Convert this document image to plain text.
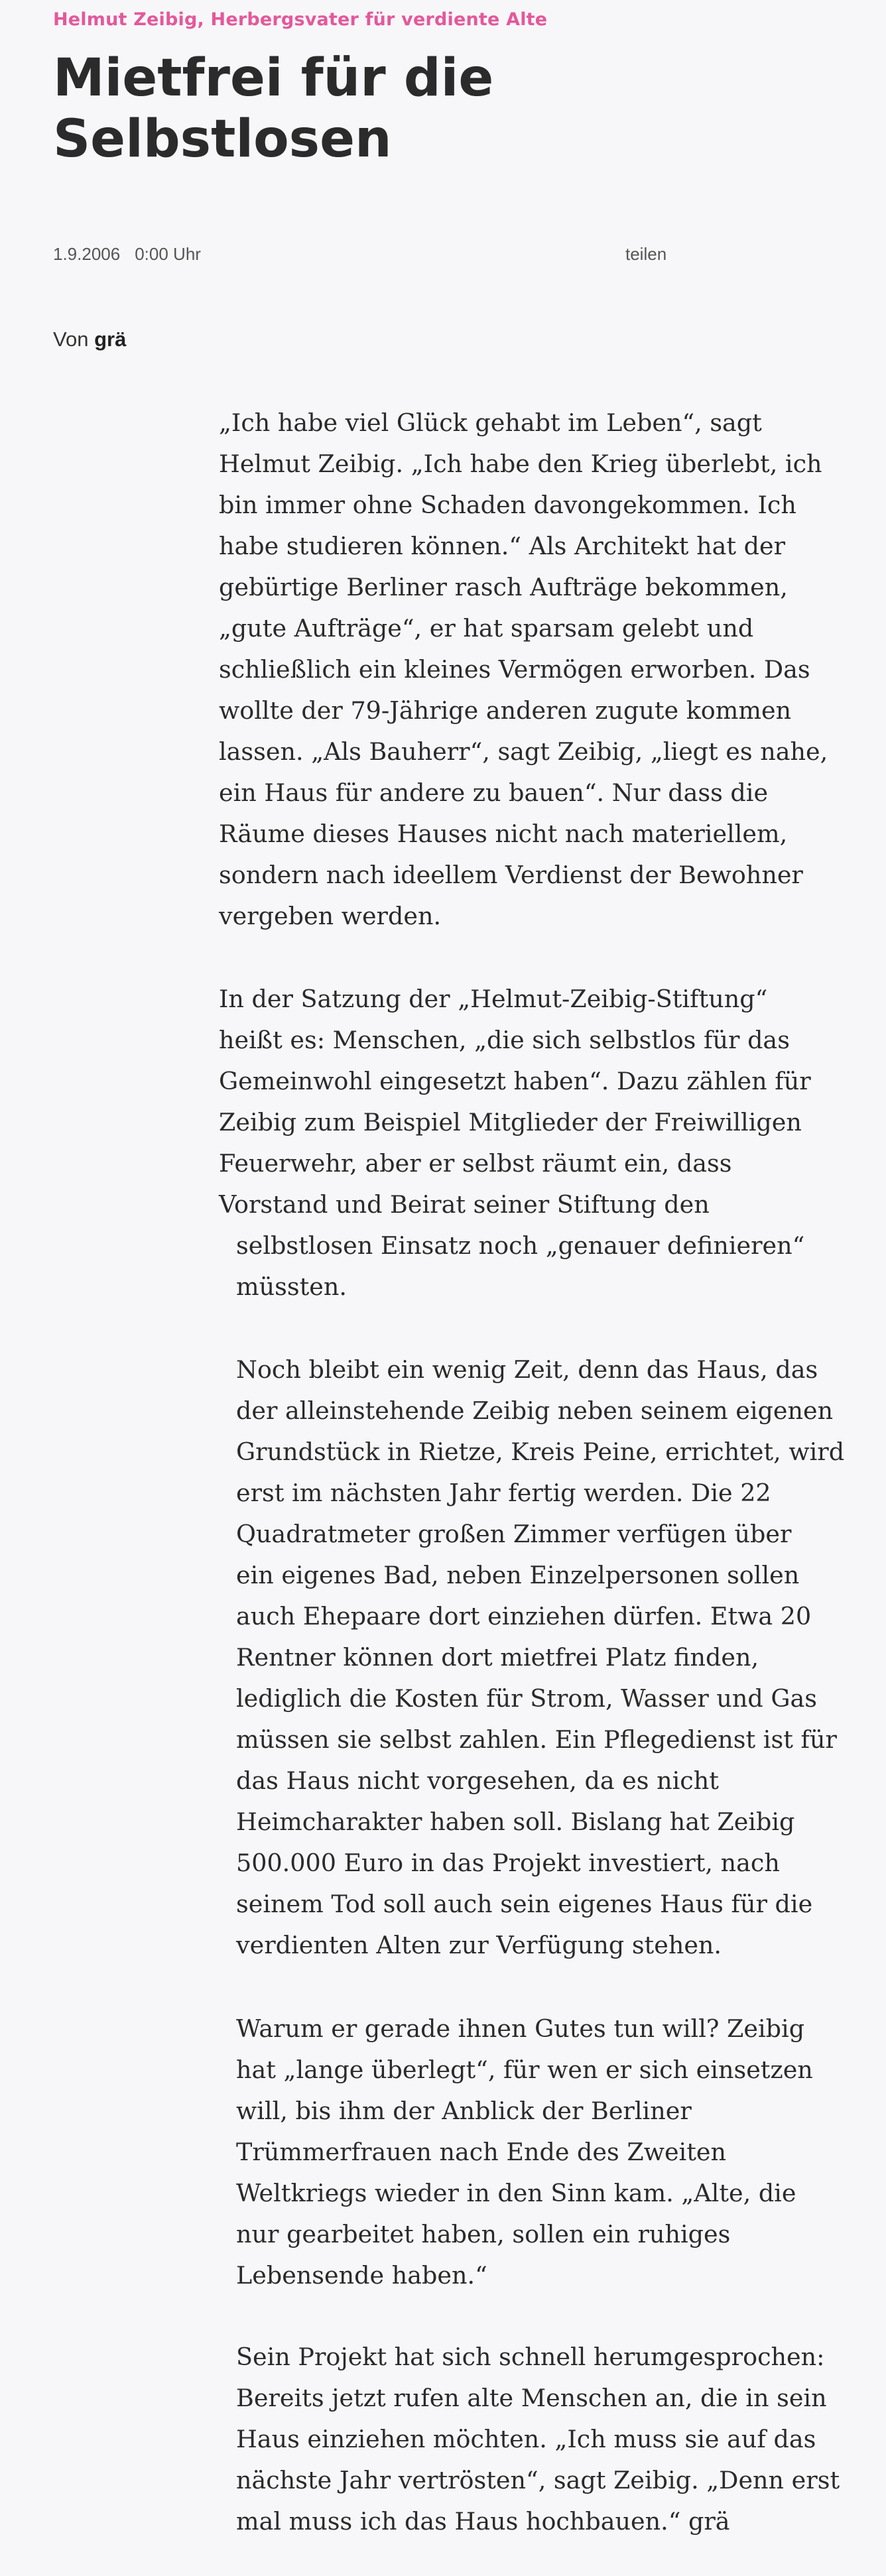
Helmut Zeibig, Herbergsvater für verdiente Alte
Mietfrei für die
Selbstlosen
1.9.2006 0:00 Uhr	teilen
Von grä
„Ich habe viel Glück gehabt im Leben“, sagt
Helmut Zeibig. „Ich habe den Krieg überlebt, ich
bin immer ohne Schaden davongekommen. Ich
habe studieren können.“ Als Architekt hat der
gebürtige Berliner rasch Aufträge bekommen,
„gute Aufträge“, er hat sparsam gelebt und
schließlich ein kleines Vermögen erworben. Das
wollte der 79-Jährige anderen zugute kommen
lassen. „Als Bauherr“, sagt Zeibig, „liegt es nahe,
ein Haus für andere zu bauen“. Nur dass die
Räume dieses Hauses nicht nach materiellem,
sondern nach ideellem Verdienst der Bewohner
vergeben werden.
In der Satzung der „Helmut-Zeibig-Stiftung“
heißt es: Menschen, „die sich selbstlos für das
Gemeinwohl eingesetzt haben“. Dazu zählen für
Zeibig zum Beispiel Mitglieder der Freiwilligen
Feuerwehr, aber er selbst räumt ein, dass
Vorstand und Beirat seiner Stiftung den
selbstlosen Einsatz noch „genauer definieren“
müssten.
Noch bleibt ein wenig Zeit, denn das Haus, das
der alleinstehende Zeibig neben seinem eigenen
Grundstück in Rietze, Kreis Peine, errichtet, wird
erst im nächsten Jahr fertig werden. Die 22
Quadratmeter großen Zimmer verfügen über
ein eigenes Bad, neben Einzelpersonen sollen
auch Ehepaare dort einziehen dürfen. Etwa 20
Rentner können dort mietfrei Platz finden,
lediglich die Kosten für Strom, Wasser und Gas
müssen sie selbst zahlen. Ein Pflegedienst ist für
das Haus nicht vorgesehen, da es nicht
Heimcharakter haben soll. Bislang hat Zeibig
500.000 Euro in das Projekt investiert, nach
seinem Tod soll auch sein eigenes Haus für die
verdienten Alten zur Verfügung stehen.
Warum er gerade ihnen Gutes tun will? Zeibig
hat „lange überlegt“, für wen er sich einsetzen
will, bis ihm der Anblick der Berliner
Trümmerfrauen nach Ende des Zweiten
Weltkriegs wieder in den Sinn kam. „Alte, die
nur gearbeitet haben, sollen ein ruhiges
Lebensende haben.“
Sein Projekt hat sich schnell herumgesprochen:
Bereits jetzt rufen alte Menschen an, die in sein
Haus einziehen möchten. „Ich muss sie auf das
nächste Jahr vertrösten“, sagt Zeibig. „Denn erst
mal muss ich das Haus hochbauen.“ grä
